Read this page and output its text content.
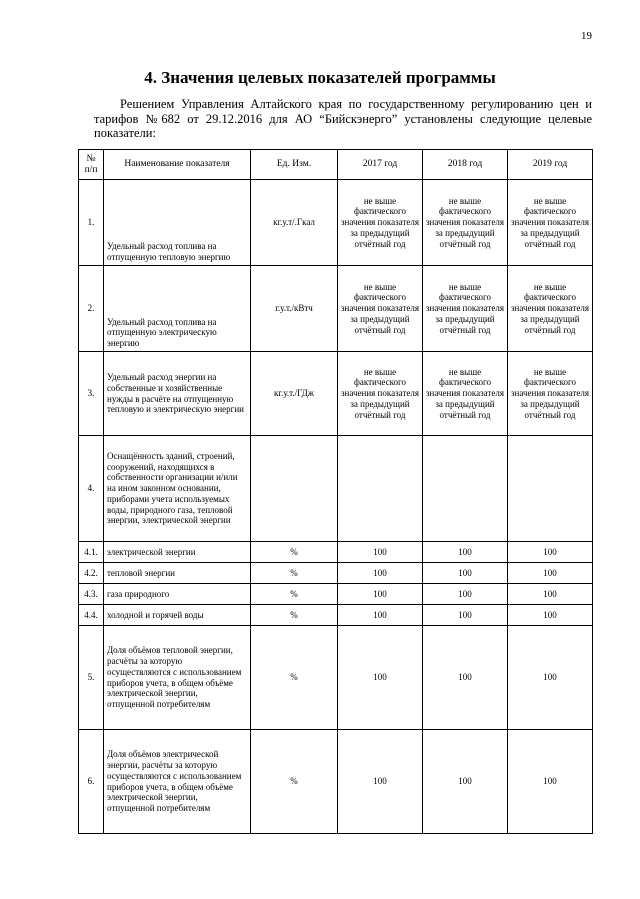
19
4. Значения целевых показателей программы
Решением Управления Алтайского края по государственному регулированию цен и тарифов №682 от 29.12.2016 для АО “Бийскэнерго” установлены следующие целевые показатели:
№ п/п	Наименование показателя	Ед. Изм.	2017 год	2018 год	2019 год
1.	Удельный расход топлива на отпущенную тепловую энергию	кг.у.т/.Гкал	не выше фактического значения показателя за предыдущий отчётный год	не выше фактического значения показателя за предыдущий отчётный год	не выше фактического значения показателя за предыдущий отчётный год
2.	Удельный расход топлива на отпущенную электрическую энергию	г.у.т./кВтч	не выше фактического значения показателя за предыдущий отчётный год	не выше фактического значения показателя за предыдущий отчётный год	не выше фактического значения показателя за предыдущий отчётный год
3.	Удельный расход энергии на собственные и хозяйственные нужды в расчёте на отпущенную тепловую и электрическую энергии	кг.у.т./ГДж	не выше фактического значения показателя за предыдущий отчётный год	не выше фактического значения показателя за предыдущий отчётный год	не выше фактического значения показателя за предыдущий отчётный год
4.	Оснащённость зданий, строений, сооружений, находящихся в собственности организации и/или на ином законном основании, приборами учета используемых воды, природного газа, тепловой энергии, электрической энергии				
4.1.	электрической энергии	%	100	100	100
4.2.	тепловой энергии	%	100	100	100
4.3.	газа природного	%	100	100	100
4.4.	холодной и горячей воды	%	100	100	100
5.	Доля объёмов тепловой энергии, расчёты за которую осуществляются с использованием приборов учета, в общем объёме электрической энергии, отпущенной потребителям	%	100	100	100
6.	Доля объёмов электрической энергии, расчёты за которую осуществляются с использованием приборов учета, в общем объёме электрической энергии, отпущенной потребителям	%	100	100	100
